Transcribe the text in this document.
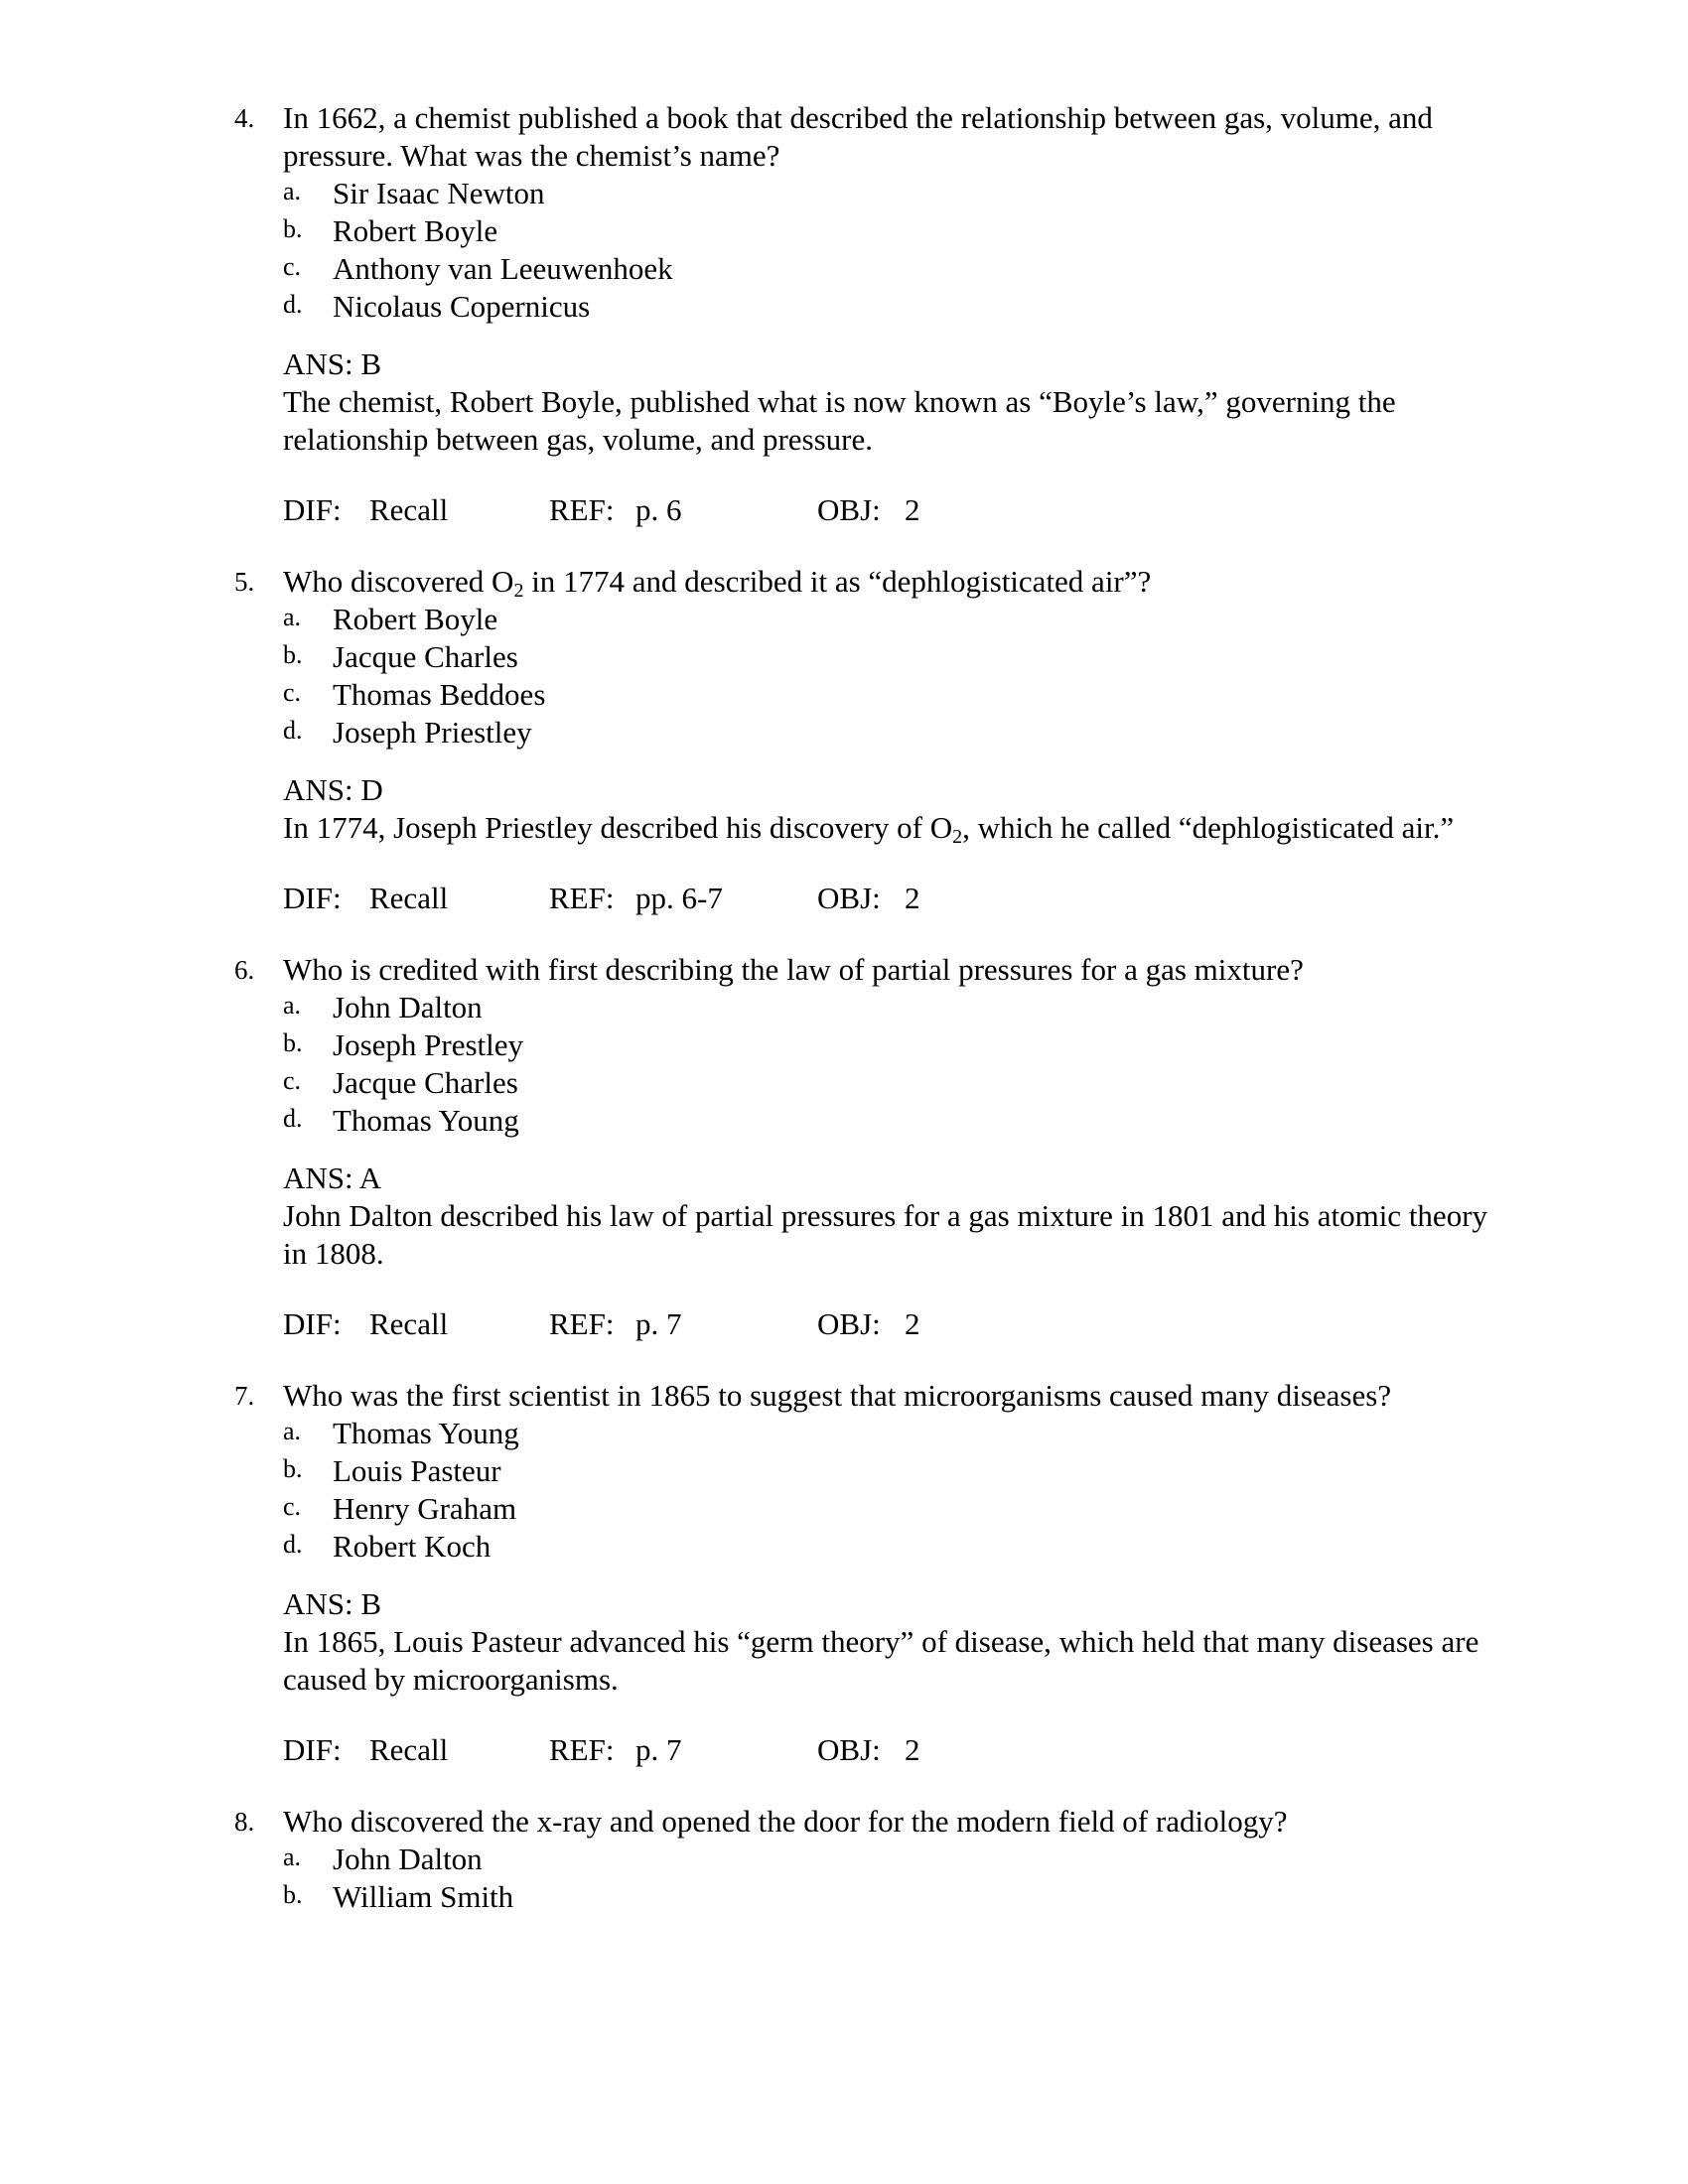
4. In 1662, a chemist published a book that described the relationship between gas, volume, and pressure. What was the chemist’s name?
a. Sir Isaac Newton
b. Robert Boyle
c. Anthony van Leeuwenhoek
d. Nicolaus Copernicus
ANS: B
The chemist, Robert Boyle, published what is now known as “Boyle’s law,” governing the relationship between gas, volume, and pressure.
DIF: Recall	REF: p. 6	OBJ: 2
5. Who discovered $O_2$ in 1774 and described it as “dephlogisticated air”?
a. Robert Boyle
b. Jacque Charles
c. Thomas Beddoes
d. Joseph Priestley
ANS: D
In 1774, Joseph Priestley described his discovery of $O_2$, which he called “dephlogisticated air.”
DIF: Recall	REF: pp. 6-7	OBJ: 2
6. Who is credited with first describing the law of partial pressures for a gas mixture?
a. John Dalton
b. Joseph Prestley
c. Jacque Charles
d. Thomas Young
ANS: A
John Dalton described his law of partial pressures for a gas mixture in 1801 and his atomic theory in 1808.
DIF: Recall	REF: p. 7	OBJ: 2
7. Who was the first scientist in 1865 to suggest that microorganisms caused many diseases?
a. Thomas Young
b. Louis Pasteur
c. Henry Graham
d. Robert Koch
ANS: B
In 1865, Louis Pasteur advanced his “germ theory” of disease, which held that many diseases are caused by microorganisms.
DIF: Recall	REF: p. 7	OBJ: 2
8. Who discovered the x-ray and opened the door for the modern field of radiology?
a. John Dalton
b. William Smith
